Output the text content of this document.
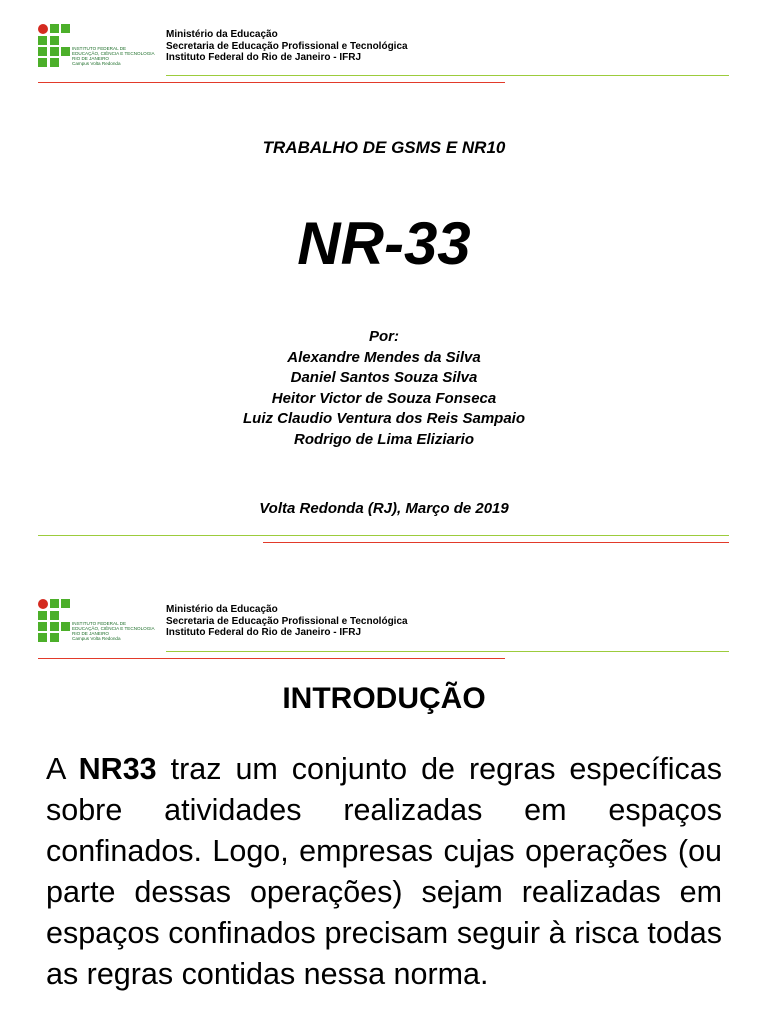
INSTITUTO FEDERAL DE
EDUCAÇÃO, CIÊNCIA E TECNOLOGIA
RIO DE JANEIRO
Campus Volta Redonda
Ministério da Educação
Secretaria de Educação Profissional e Tecnológica
Instituto Federal do Rio de Janeiro - IFRJ
TRABALHO DE GSMS E NR10
NR-33
Por:
Alexandre Mendes da Silva
Daniel Santos Souza Silva
Heitor Victor de Souza Fonseca
Luiz Claudio Ventura dos Reis Sampaio
Rodrigo de Lima Eliziario
Volta Redonda (RJ), Março de 2019
INSTITUTO FEDERAL DE
EDUCAÇÃO, CIÊNCIA E TECNOLOGIA
RIO DE JANEIRO
Campus Volta Redonda
Ministério da Educação
Secretaria de Educação Profissional e Tecnológica
Instituto Federal do Rio de Janeiro - IFRJ
INTRODUÇÃO
A NR33 traz um conjunto de regras específicas sobre atividades realizadas em espaços confinados. Logo, empresas cujas operações (ou parte dessas operações) sejam realizadas em espaços confinados precisam seguir à risca todas as regras contidas nessa norma.
